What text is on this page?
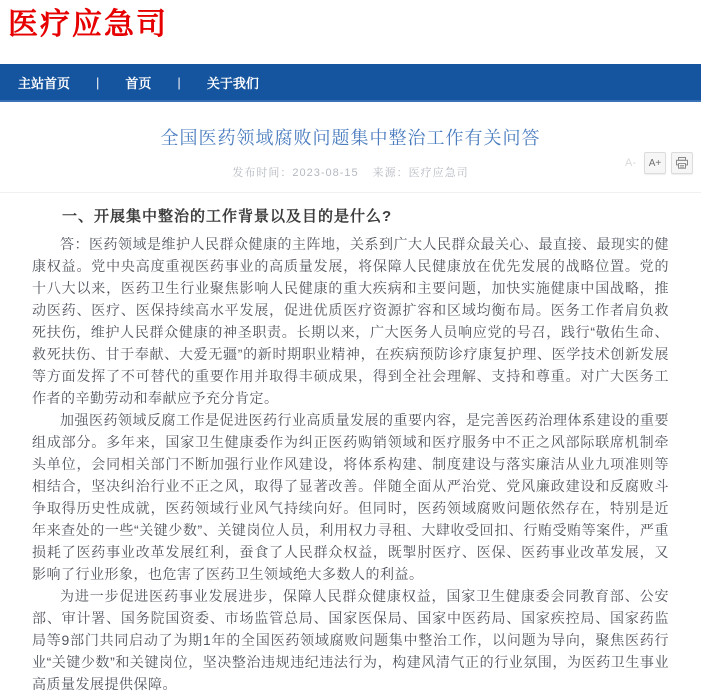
医疗应急司
主站首页 | 首页 | 关于我们
全国医药领域腐败问题集中整治工作有关问答
发布时间：2023-08-15 来源：医疗应急司
A-	A+
一、开展集中整治的工作背景以及目的是什么?

答：医药领域是维护人民群众健康的主阵地，关系到广大人民群众最关心、最直接、最现实的健康权益。党中央高度重视医药事业的高质量发展，将保障人民健康放在优先发展的战略位置。党的十八大以来，医药卫生行业聚焦影响人民健康的重大疾病和主要问题，加快实施健康中国战略，推动医药、医疗、医保持续高水平发展，促进优质医疗资源扩容和区域均衡布局。医务工作者肩负救死扶伤，维护人民群众健康的神圣职责。长期以来，广大医务人员响应党的号召，践行“敬佑生命、救死扶伤、甘于奉献、大爱无疆”的新时期职业精神，在疾病预防诊疗康复护理、医学技术创新发展等方面发挥了不可替代的重要作用并取得丰硕成果，得到全社会理解、支持和尊重。对广大医务工作者的辛勤劳动和奉献应予充分肯定。

加强医药领域反腐工作是促进医药行业高质量发展的重要内容，是完善医药治理体系建设的重要组成部分。多年来，国家卫生健康委作为纠正医药购销领域和医疗服务中不正之风部际联席机制牵头单位，会同相关部门不断加强行业作风建设，将体系构建、制度建设与落实廉洁从业九项准则等相结合，坚决纠治行业不正之风，取得了显著改善。伴随全面从严治党、党风廉政建设和反腐败斗争取得历史性成就，医药领域行业风气持续向好。但同时，医药领域腐败问题依然存在，特别是近年来查处的一些“关键少数”、关键岗位人员，利用权力寻租、大肆收受回扣、行贿受贿等案件，严重损耗了医药事业改革发展红利，蚕食了人民群众权益，既掣肘医疗、医保、医药事业改革发展，又影响了行业形象，也危害了医药卫生领域绝大多数人的利益。

为进一步促进医药事业发展进步，保障人民群众健康权益，国家卫生健康委会同教育部、公安部、审计署、国务院国资委、市场监管总局、国家医保局、国家中医药局、国家疾控局、国家药监局等9部门共同启动了为期1年的全国医药领域腐败问题集中整治工作，以问题为导向，聚焦医药行业“关键少数”和关键岗位，坚决整治违规违纪违法行为，构建风清气正的行业氛围，为医药卫生事业高质量发展提供保障。
